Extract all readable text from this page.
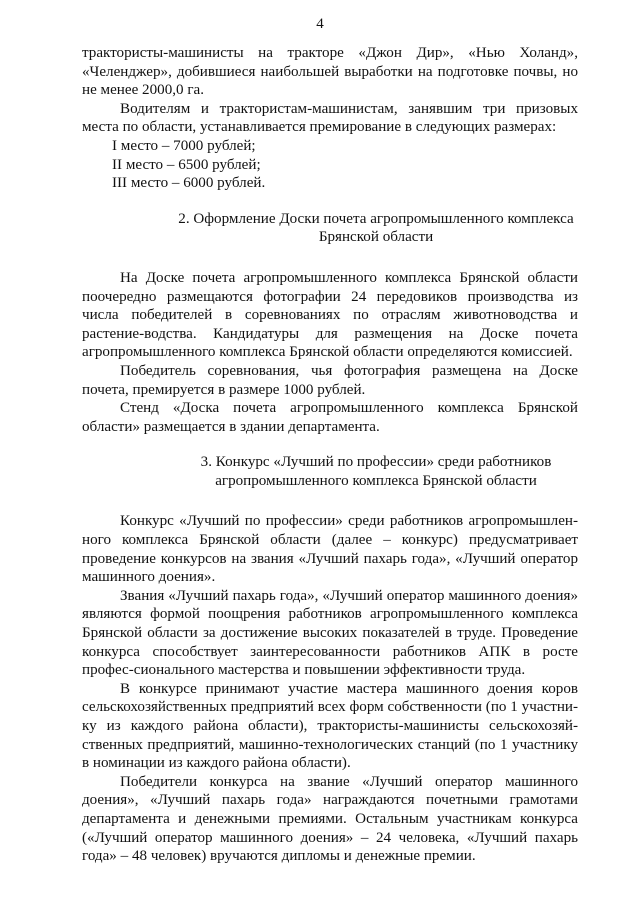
4

трактористы-машинисты на тракторе «Джон Дир», «Нью Холанд», «Челенджер», добившиеся наибольшей выработки на подготовке почвы, но не менее 2000,0 га.

Водителям и трактористам-машинистам, занявшим три призовых места по области, устанавливается премирование в следующих размерах:

I место – 7000 рублей;

II место – 6500 рублей;

III место – 6000 рублей.

2. Оформление Доски почета агропромышленного комплекса
Брянской области

На Доске почета агропромышленного комплекса Брянской области поочередно размещаются фотографии 24 передовиков производства из числа победителей в соревнованиях по отраслям животноводства и растение-водства. Кандидатуры для размещения на Доске почета агропромышленного комплекса Брянской области определяются комиссией.

Победитель соревнования, чья фотография размещена на Доске почета, премируется в размере 1000 рублей.

Стенд «Доска почета агропромышленного комплекса Брянской области» размещается в здании департамента.

3. Конкурс «Лучший по профессии» среди работников
агропромышленного комплекса Брянской области

Конкурс «Лучший по профессии» среди работников агропромышлен-ного комплекса Брянской области (далее – конкурс) предусматривает проведение конкурсов на звания «Лучший пахарь года», «Лучший оператор машинного доения».

Звания «Лучший пахарь года», «Лучший оператор машинного доения» являются формой поощрения работников агропромышленного комплекса Брянской области за достижение высоких показателей в труде. Проведение конкурса способствует заинтересованности работников АПК в росте профес-сионального мастерства и повышении эффективности труда.

В конкурсе принимают участие мастера машинного доения коров сельскохозяйственных предприятий всех форм собственности (по 1 участни-ку из каждого района области), трактористы-машинисты сельскохозяй-ственных предприятий, машинно-технологических станций (по 1 участнику в номинации из каждого района области).

Победители конкурса на звание «Лучший оператор машинного доения», «Лучший пахарь года» награждаются почетными грамотами департамента и денежными премиями. Остальным участникам конкурса («Лучший оператор машинного доения» – 24 человека, «Лучший пахарь года» – 48 человек) вручаются дипломы и денежные премии.
